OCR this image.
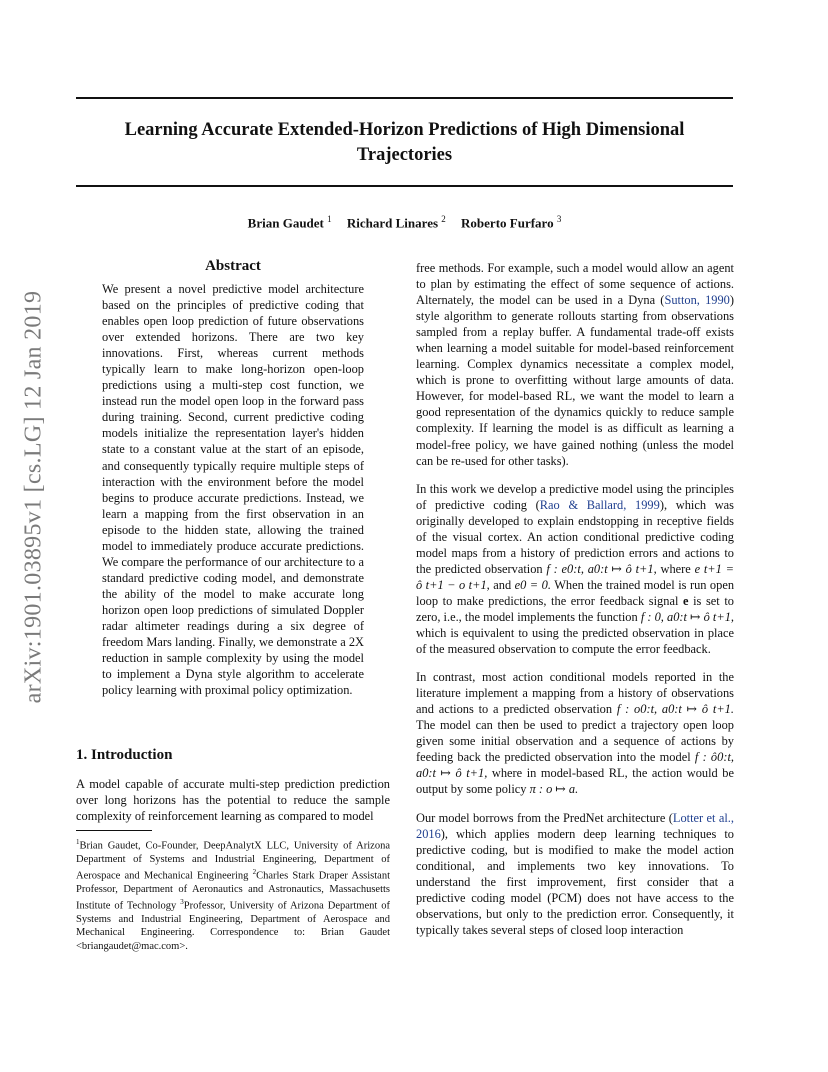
Learning Accurate Extended-Horizon Predictions of High Dimensional
Trajectories
Brian Gaudet $^1$ Richard Linares $^2$ Roberto Furfaro $^3$
arXiv:1901.03895v1 [cs.LG] 12 Jan 2019
Abstract

We present a novel predictive model architecture based on the principles of predictive coding that enables open loop prediction of future observations over extended horizons. There are two key innovations. First, whereas current methods typically learn to make long-horizon open-loop predictions using a multi-step cost function, we instead run the model open loop in the forward pass during training. Second, current predictive coding models initialize the representation layer's hidden state to a constant value at the start of an episode, and consequently typically require multiple steps of interaction with the environment before the model begins to produce accurate predictions. Instead, we learn a mapping from the first observation in an episode to the hidden state, allowing the trained model to immediately produce accurate predictions. We compare the performance of our architecture to a standard predictive coding model, and demonstrate the ability of the model to make accurate long horizon open loop predictions of simulated Doppler radar altimeter readings during a six degree of freedom Mars landing. Finally, we demonstrate a 2X reduction in sample complexity by using the model to implement a Dyna style algorithm to accelerate policy learning with proximal policy optimization.

1. Introduction

A model capable of accurate multi-step prediction prediction over long horizons has the potential to reduce the sample complexity of reinforcement learning as compared to model

$^1$Brian Gaudet, Co-Founder, DeepAnalytX LLC, University of Arizona Department of Systems and Industrial Engineering, Department of Aerospace and Mechanical Engineering $^2$Charles Stark Draper Assistant Professor, Department of Aeronautics and Astronautics, Massachusetts Institute of Technology $^3$Professor, University of Arizona Department of Systems and Industrial Engineering, Department of Aerospace and Mechanical Engineering. Correspondence to: Brian Gaudet <briangaudet@mac.com>.

free methods. For example, such a model would allow an agent to plan by estimating the effect of some sequence of actions. Alternately, the model can be used in a Dyna (Sutton, 1990) style algorithm to generate rollouts starting from observations sampled from a replay buffer. A fundamental trade-off exists when learning a model suitable for model-based reinforcement learning. Complex dynamics necessitate a complex model, which is prone to overfitting without large amounts of data. However, for model-based RL, we want the model to learn a good representation of the dynamics quickly to reduce sample complexity. If learning the model is as difficult as learning a model-free policy, we have gained nothing (unless the model can be re-used for other tasks).

In this work we develop a predictive model using the principles of predictive coding (Rao & Ballard, 1999), which was originally developed to explain endstopping in receptive fields of the visual cortex. An action conditional predictive coding model maps from a history of prediction errors and actions to the predicted observation f : e0:t, a0:t ↦ ô t+1, where e t+1 = ô t+1 − o t+1, and e0 = 0. When the trained model is run open loop to make predictions, the error feedback signal e is set to zero, i.e., the model implements the function f : 0, a0:t ↦ ô t+1, which is equivalent to using the predicted observation in place of the measured observation to compute the error feedback.

In contrast, most action conditional models reported in the literature implement a mapping from a history of observations and actions to a predicted observation f : o0:t, a0:t ↦ ô t+1. The model can then be used to predict a trajectory open loop given some initial observation and a sequence of actions by feeding back the predicted observation into the model f : ô0:t, a0:t ↦ ô t+1, where in model-based RL, the action would be output by some policy π : o ↦ a.

Our model borrows from the PredNet architecture (Lotter et al., 2016), which applies modern deep learning techniques to predictive coding, but is modified to make the model action conditional, and implements two key innovations. To understand the first improvement, first consider that a predictive coding model (PCM) does not have access to the observations, but only to the prediction error. Consequently, it typically takes several steps of closed loop interaction
